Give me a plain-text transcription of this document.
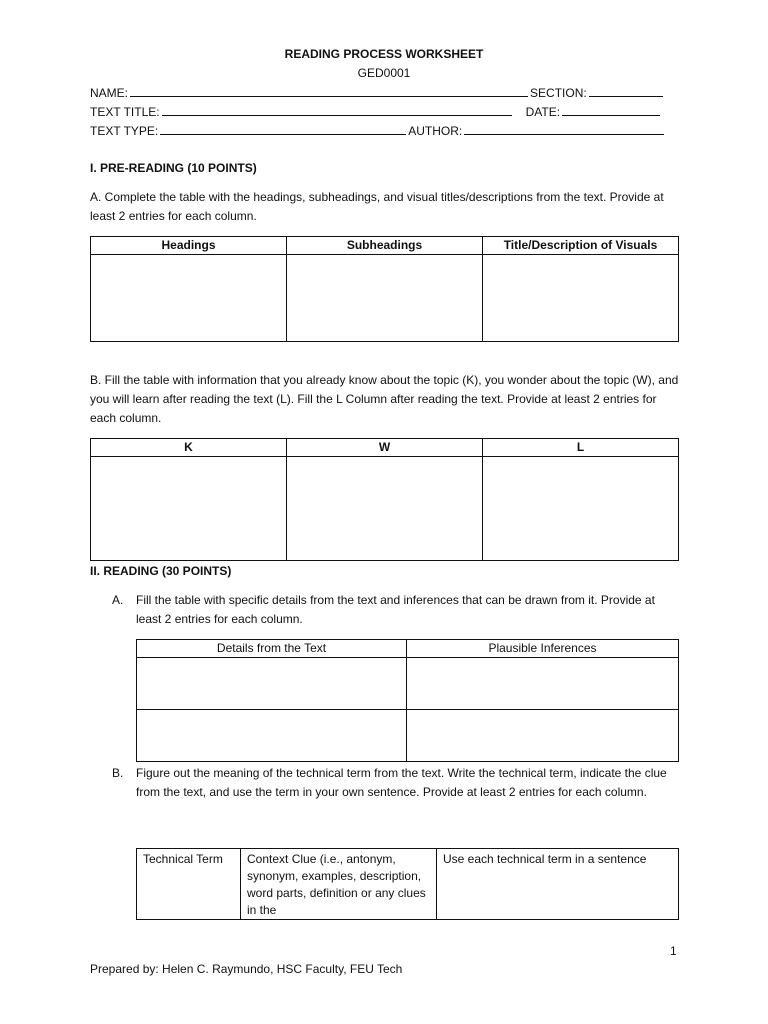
READING PROCESS WORKSHEET
GED0001
NAME:	SECTION:
TEXT TITLE:	DATE:
TEXT TYPE:	AUTHOR:
I. PRE-READING (10 POINTS)
A. Complete the table with the headings, subheadings, and visual titles/descriptions from the text. Provide at least 2 entries for each column.
Headings	Subheadings	Title/Description of Visuals

B. Fill the table with information that you already know about the topic (K), you wonder about the topic (W), and you will learn after reading the text (L). Fill the L Column after reading the text. Provide at least 2 entries for each column.
K	W	L

II. READING (30 POINTS)
A. Fill the table with specific details from the text and inferences that can be drawn from it. Provide at least 2 entries for each column.
Details from the Text	Plausible Inferences

B. Figure out the meaning of the technical term from the text. Write the technical term, indicate the clue from the text, and use the term in your own sentence. Provide at least 2 entries for each column.
Technical Term	Context Clue (i.e., antonym, synonym, examples, description, word parts, definition or any clues in the	Use each technical term in a sentence
1
Prepared by: Helen C. Raymundo, HSC Faculty, FEU Tech
